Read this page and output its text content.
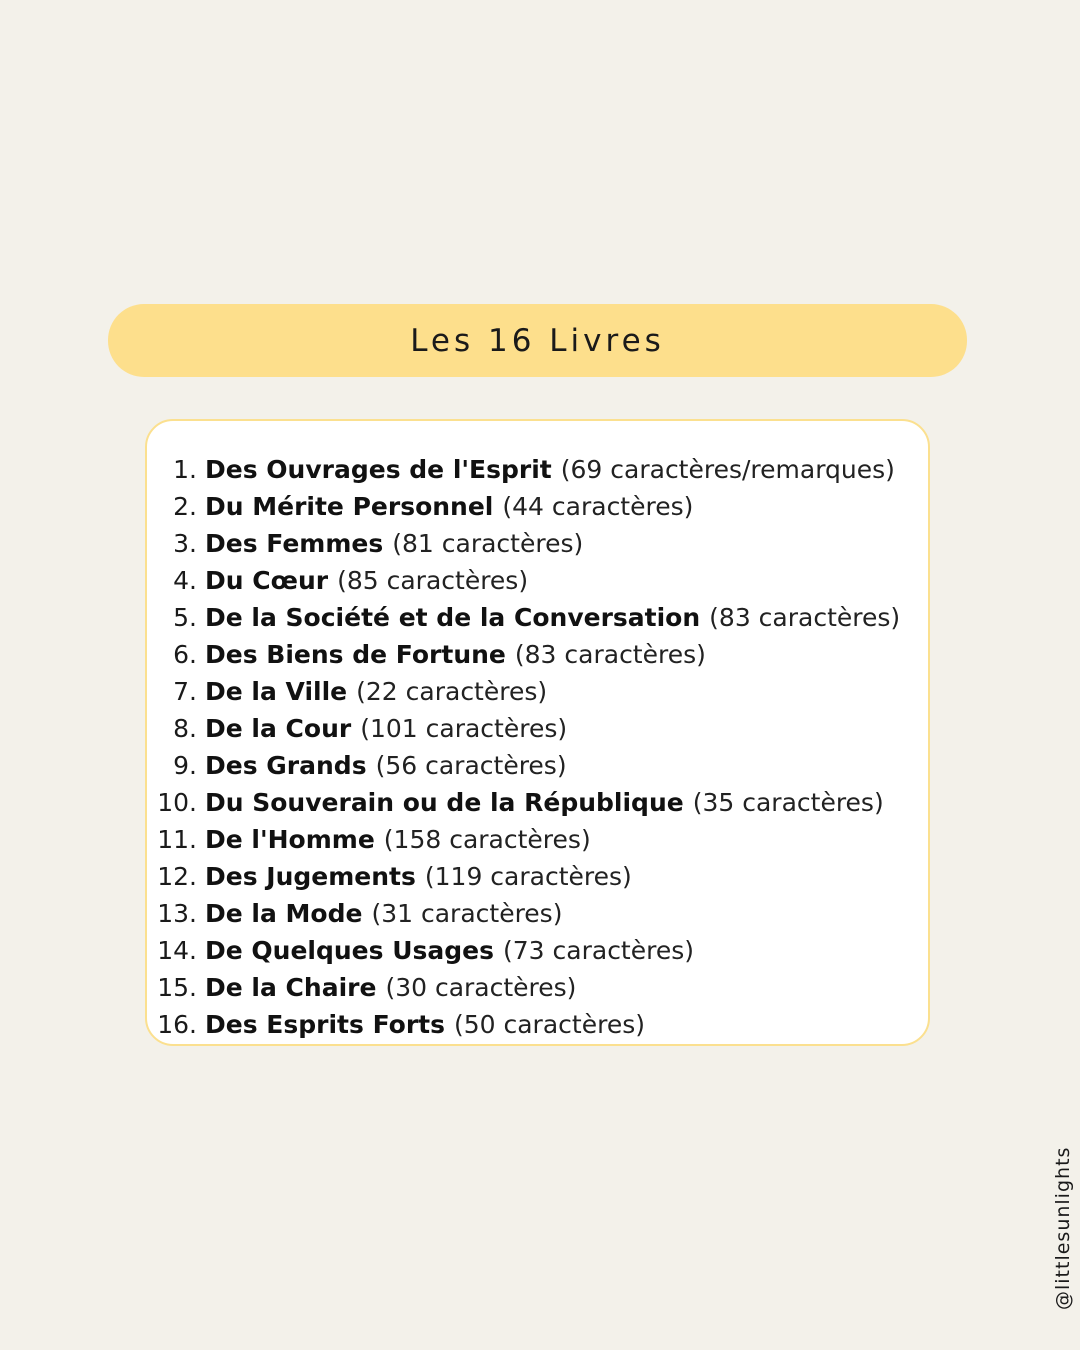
Les 16 Livres
1. Des Ouvrages de l'Esprit (69 caractères/remarques)
2. Du Mérite Personnel (44 caractères)
3. Des Femmes (81 caractères)
4. Du Cœur (85 caractères)
5. De la Société et de la Conversation (83 caractères)
6. Des Biens de Fortune (83 caractères)
7. De la Ville (22 caractères)
8. De la Cour (101 caractères)
9. Des Grands (56 caractères)
10. Du Souverain ou de la République (35 caractères)
11. De l'Homme (158 caractères)
12. Des Jugements (119 caractères)
13. De la Mode (31 caractères)
14. De Quelques Usages (73 caractères)
15. De la Chaire (30 caractères)
16. Des Esprits Forts (50 caractères)
@littlesunlights
